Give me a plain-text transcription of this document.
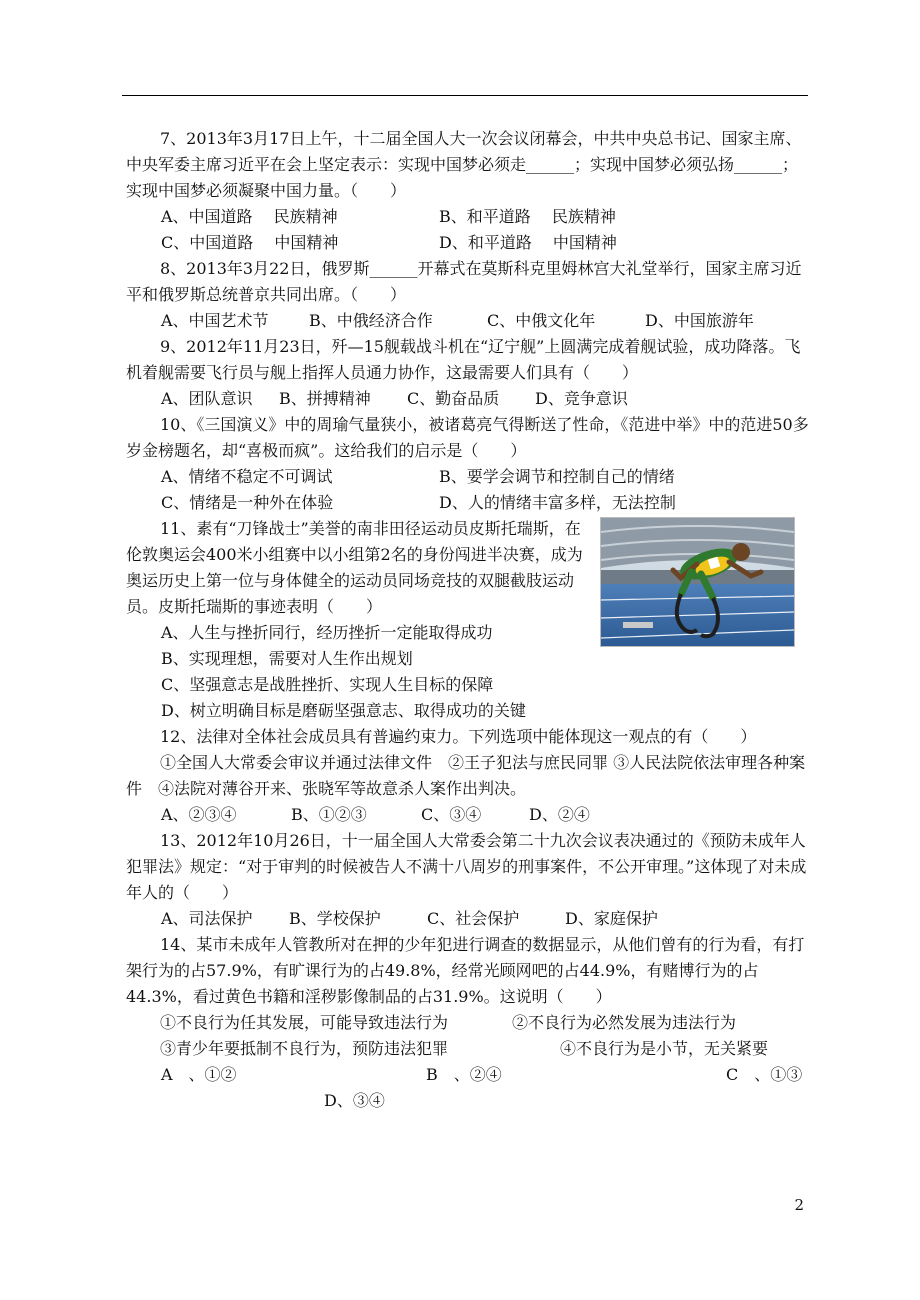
7、2013年3月17日上午，十二届全国人大一次会议闭幕会，中共中央总书记、国家主席、中央军委主席习近平在会上坚定表示：实现中国梦必须走______；实现中国梦必须弘扬______；实现中国梦必须凝聚中国力量。（　　）

A、中国道路　 民族精神	B、和平道路　 民族精神

C、中国道路　 中国精神	D、和平道路　 中国精神

8、2013年3月22日，俄罗斯______开幕式在莫斯科克里姆林宫大礼堂举行，国家主席习近平和俄罗斯总统普京共同出席。（　　）

A、中国艺术节	B、中俄经济合作	C、中俄文化年	D、中国旅游年

9、2012年11月23日，歼—15舰载战斗机在“辽宁舰”上圆满完成着舰试验，成功降落。飞机着舰需要飞行员与舰上指挥人员通力协作，这最需要人们具有（　　）

A、团队意识 B、拼搏精神 C、勤奋品质 D、竞争意识

10、《三国演义》中的周瑜气量狭小，被诸葛亮气得断送了性命，《范进中举》中的范进50多岁金榜题名，却“喜极而疯”。这给我们的启示是（　　）

A、情绪不稳定不可调试	B、要学会调节和控制自己的情绪

C、情绪是一种外在体验	D、人的情绪丰富多样，无法控制

11、素有“刀锋战士”美誉的南非田径运动员皮斯托瑞斯，在伦敦奥运会400米小组赛中以小组第2名的身份闯进半决赛，成为奥运历史上第一位与身体健全的运动员同场竞技的双腿截肢运动员。皮斯托瑞斯的事迹表明（　　）

A、人生与挫折同行，经历挫折一定能取得成功

B、实现理想，需要对人生作出规划

C、坚强意志是战胜挫折、实现人生目标的保障

D、树立明确目标是磨砺坚强意志、取得成功的关键

12、法律对全体社会成员具有普遍约束力。下列选项中能体现这一观点的有（　　）

①全国人大常委会审议并通过法律文件　②王子犯法与庶民同罪 ③人民法院依法审理各种案件　④法院对薄谷开来、张晓军等故意杀人案作出判决。

A、②③④	B、①②③	C、③④	D、②④

13、2012年10月26日，十一届全国人大常委会第二十九次会议表决通过的《预防未成年人犯罪法》规定：“对于审判的时候被告人不满十八周岁的刑事案件，不公开审理。”这体现了对未成年人的（　　）

A、司法保护 B、学校保护	C、社会保护	D、家庭保护

14、某市未成年人管教所对在押的少年犯进行调查的数据显示，从他们曾有的行为看，有打架行为的占57.9%，有旷课行为的占49.8%，经常光顾网吧的占44.9%，有赌博行为的占44.3%，看过黄色书籍和淫秽影像制品的占31.9%。这说明（　　）

①不良行为任其发展，可能导致违法行为　　　　②不良行为必然发展为违法行为

③青少年要抵制不良行为，预防违法犯罪　　　　　　　④不良行为是小节，无关紧要

A　、①②	B　、②④	C　、①③D、③④

2
